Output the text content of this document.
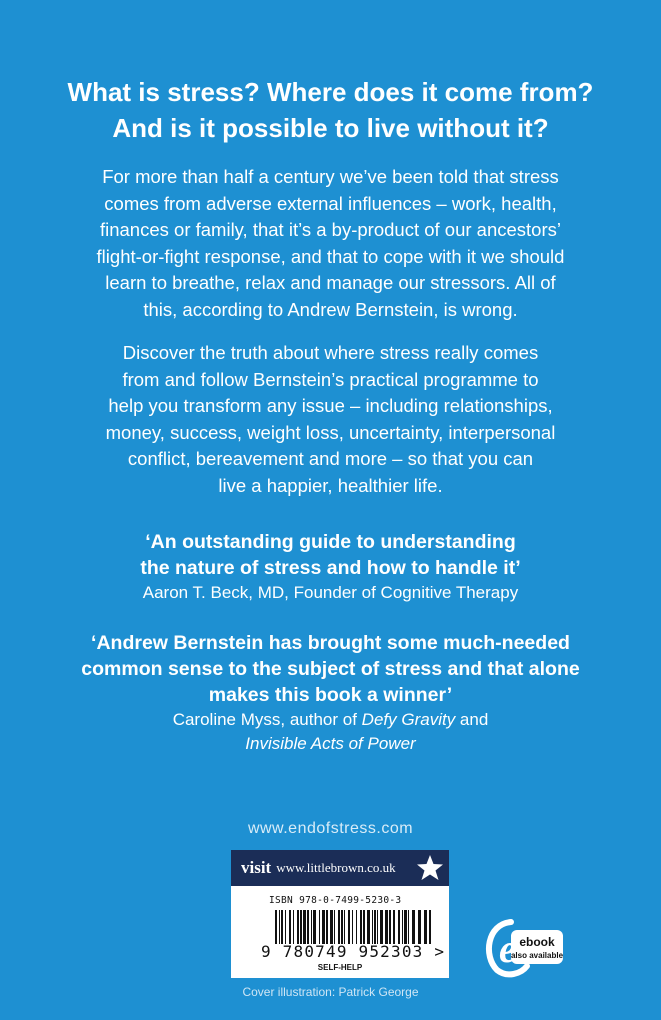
What is stress? Where does it come from?
And is it possible to live without it?

For more than half a century we’ve been told that stress
comes from adverse external influences – work, health,
finances or family, that it’s a by-product of our ancestors’
flight-or-fight response, and that to cope with it we should
learn to breathe, relax and manage our stressors. All of
this, according to Andrew Bernstein, is wrong.

Discover the truth about where stress really comes
from and follow Bernstein’s practical programme to
help you transform any issue – including relationships,
money, success, weight loss, uncertainty, interpersonal
conflict, bereavement and more – so that you can
live a happier, healthier life.

‘An outstanding guide to understanding
the nature of stress and how to handle it’
Aaron T. Beck, MD, Founder of Cognitive Therapy
‘Andrew Bernstein has brought some much-needed
common sense to the subject of stress and that alone
makes this book a winner’
Caroline Myss, author of Defy Gravity and
Invisible Acts of Power
www.endofstress.com
visit www.littlebrown.co.uk
ISBN 978-0-7499-5230-3
9 780749 952303 >
SELF-HELP	e ebook
also available
Cover illustration: Patrick George
